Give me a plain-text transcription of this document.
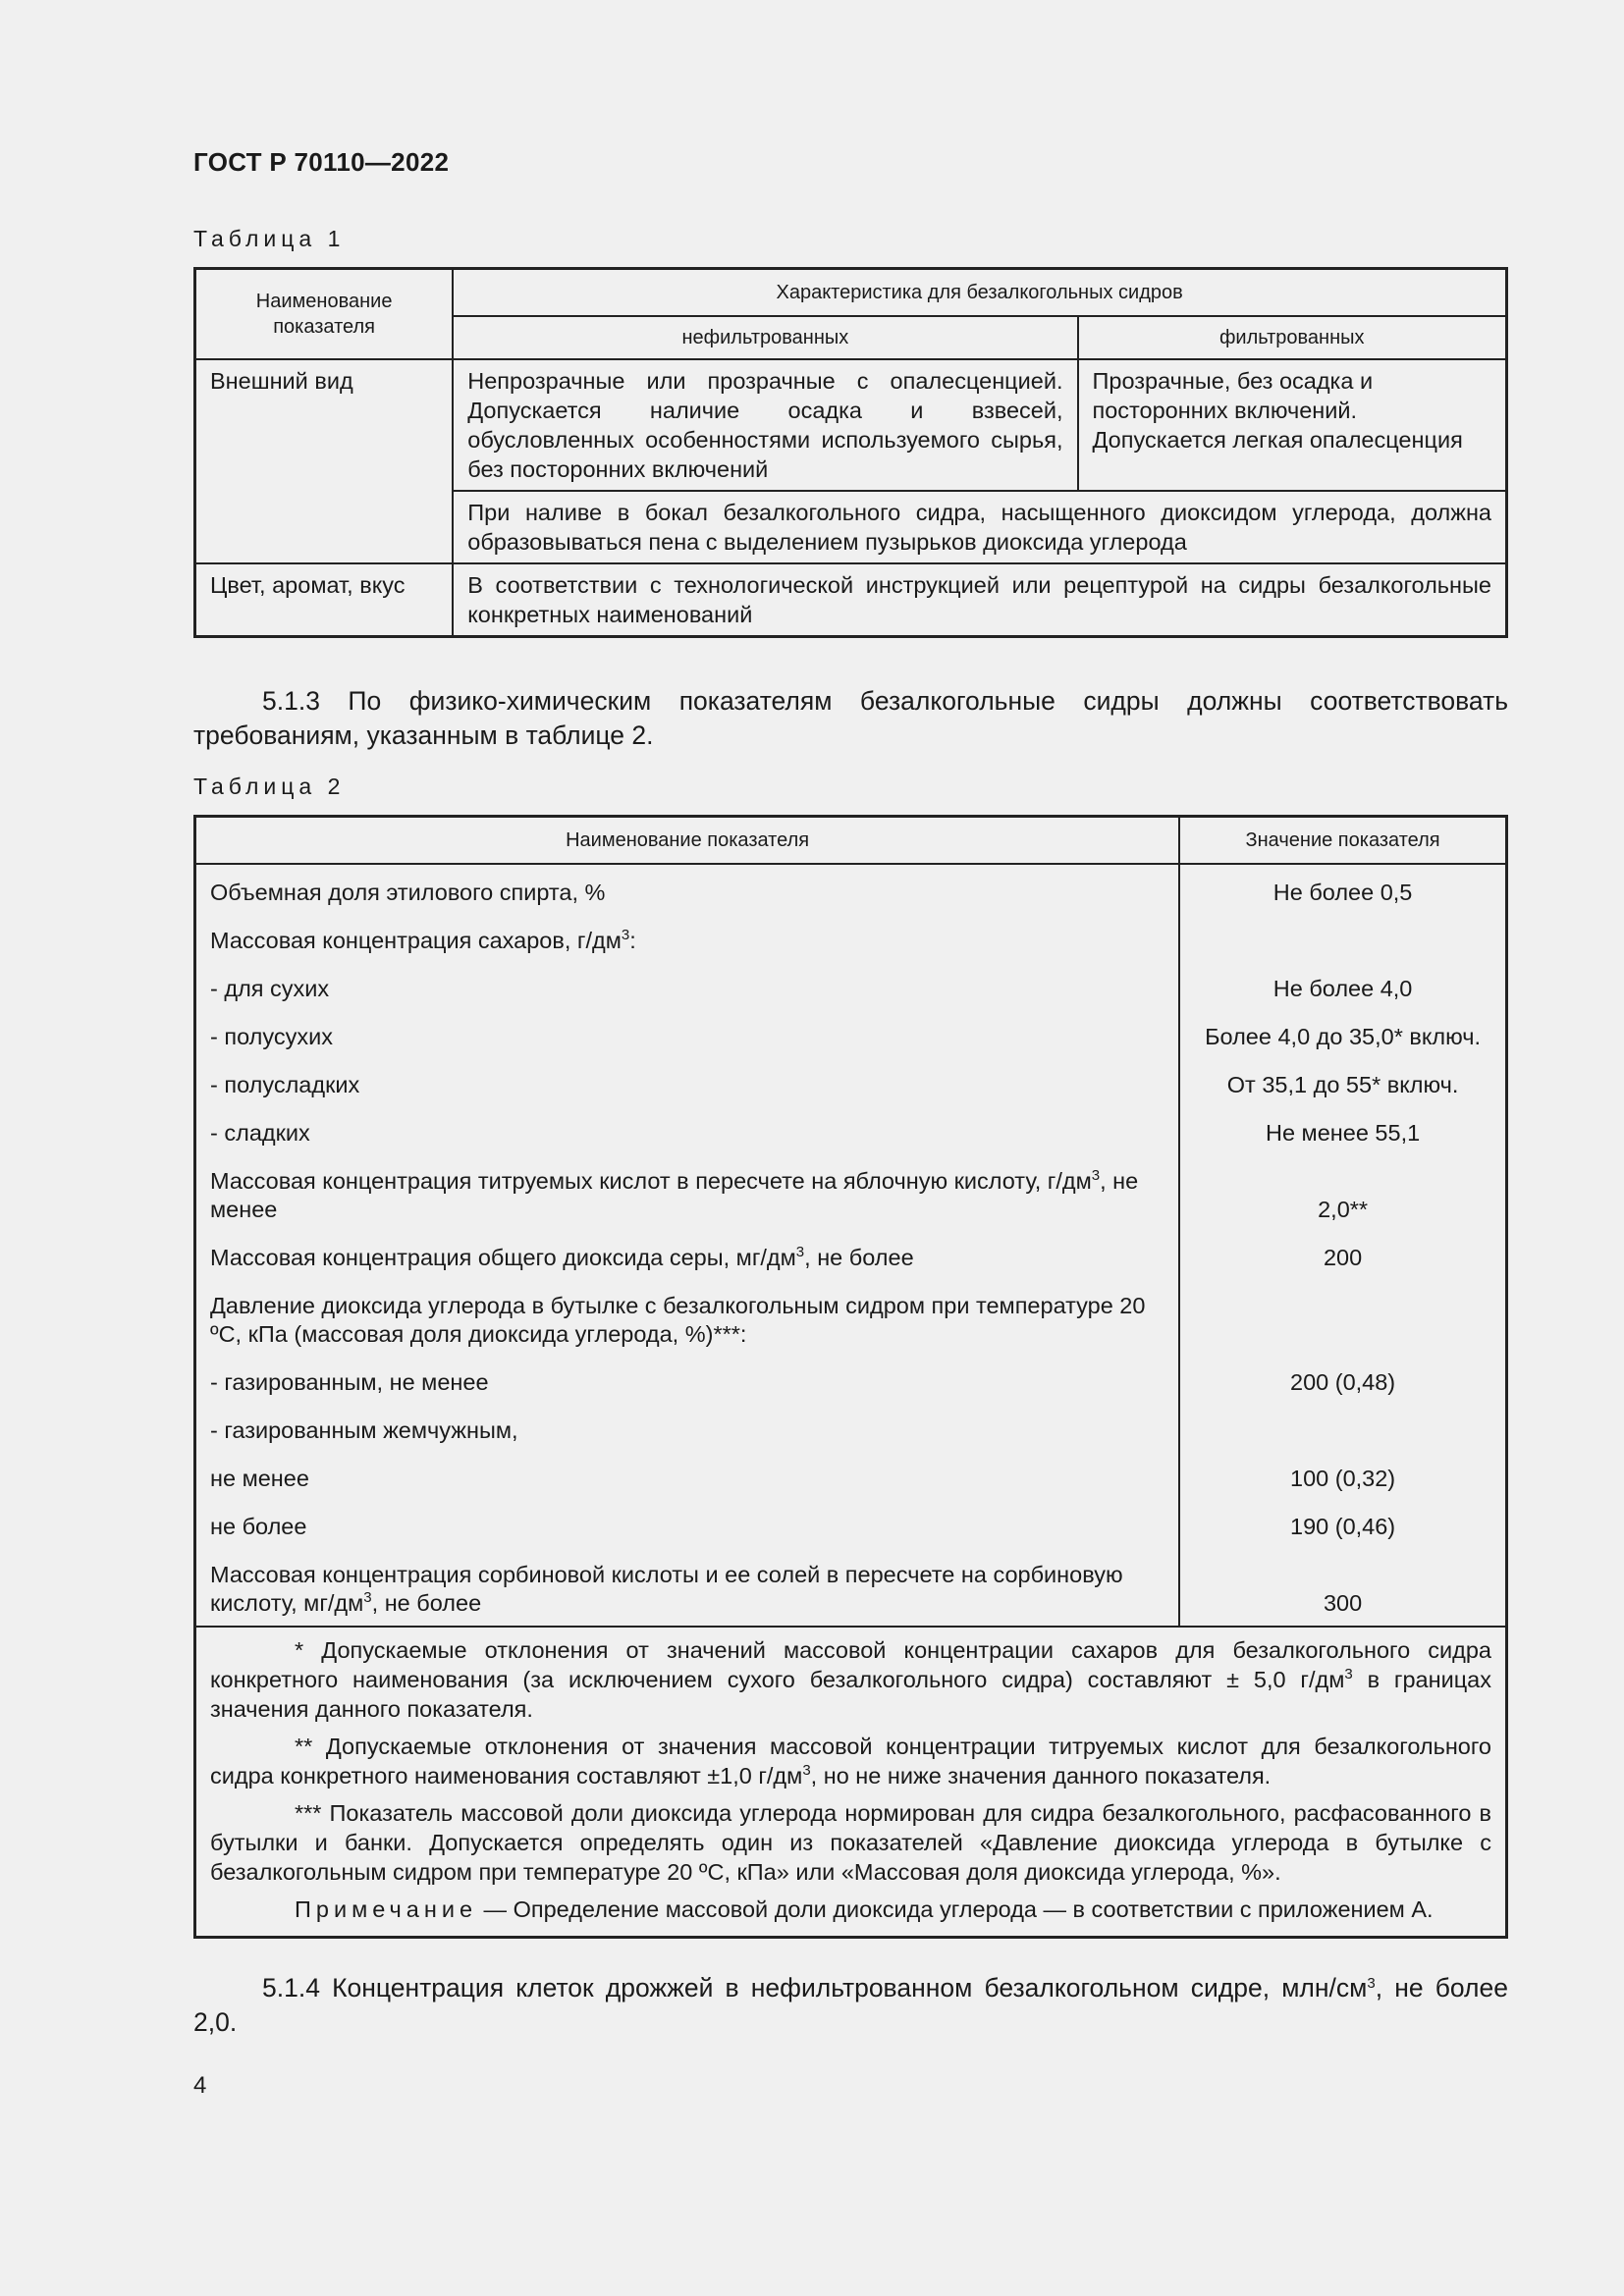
ГОСТ Р 70110—2022
Таблица 1
Наименование показателя	Характеристика для безалкогольных сидров	
	нефильтрованных	фильтрованных
Внешний вид	Непрозрачные или прозрачные с опалесценцией. Допускается наличие осадка и взвесей, обусловленных особенностями используемого сырья, без посторонних включений	Прозрачные, без осадка и посторонних включений. Допускается легкая опалесценция
	При наливе в бокал безалкогольного сидра, насыщенного диоксидом углерода, должна образовываться пена с выделением пузырьков диоксида углерода	
Цвет, аромат, вкус	В соответствии с технологической инструкцией или рецептурой на сидры безалкогольные конкретных наименований	
5.1.3 По физико-химическим показателям безалкогольные сидры должны соответствовать требованиям, указанным в таблице 2.
Таблица 2
Наименование показателя	Значение показателя
Объемная доля этилового спирта, %	Не более 0,5
Массовая концентрация сахаров, $г/дм^3$:	
- для сухих	Не более 4,0
- полусухих	Более 4,0 до 35,0* включ.
- полусладких	От 35,1 до 55* включ.
- сладких	Не менее 55,1
Массовая концентрация титруемых кислот в пересчете на яблочную кислоту, $г/дм^3$, не менее	2,0**
Массовая концентрация общего диоксида серы, $мг/дм^3$, не более	200
Давление диоксида углерода в бутылке с безалкогольным сидром при температуре 20 ºС, кПа (массовая доля диоксида углерода, %)***:	
- газированным, не менее	200 (0,48)
- газированным жемчужным,	
не менее	100 (0,32)
не более	190 (0,46)
Массовая концентрация сорбиновой кислоты и ее солей в пересчете на сорбиновую кислоту, $мг/дм^3$, не более	300

* Допускаемые отклонения от значений массовой концентрации сахаров для безалкогольного сидра конкретного наименования (за исключением сухого безалкогольного сидра) составляют ± 5,0 $г/дм^3$ в границах значения данного показателя.

** Допускаемые отклонения от значения массовой концентрации титруемых кислот для безалкогольного сидра конкретного наименования составляют ±1,0 $г/дм^3$, но не ниже значения данного показателя.

*** Показатель массовой доли диоксида углерода нормирован для сидра безалкогольного, расфасованного в бутылки и банки. Допускается определять один из показателей «Давление диоксида углерода в бутылке с безалкогольным сидром при температуре 20 ºС, кПа» или «Массовая доля диоксида углерода, %».

Примечание — Определение массовой доли диоксида углерода — в соответствии с приложением А.	

5.1.4 Концентрация клеток дрожжей в нефильтрованном безалкогольном сидре, млн/$см^3$, не более 2,0.
4
